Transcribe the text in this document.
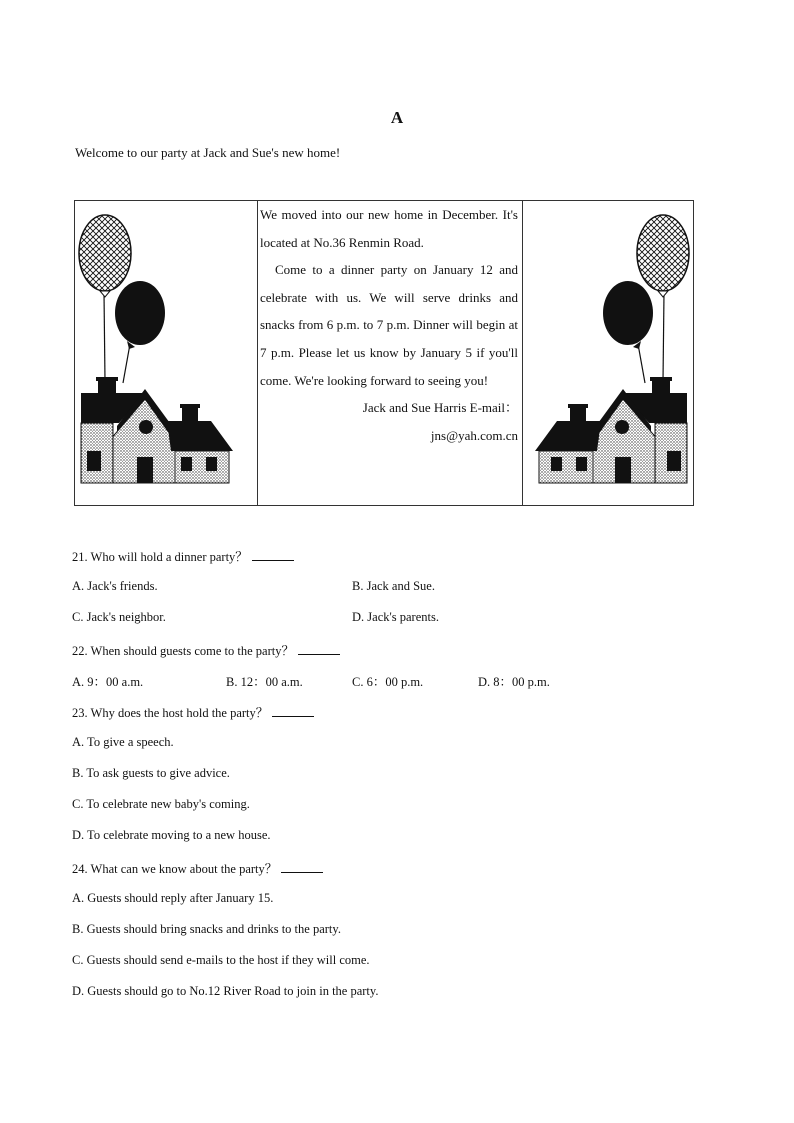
A
Welcome to our party at Jack and Sue's new home!

We moved into our new home in December. It's located at No.36 Renmin Road.

Come to a dinner party on January 12 and celebrate with us. We will serve drinks and snacks from 6 p.m. to 7 p.m. Dinner will begin at 7 p.m. Please let us know by January 5 if you'll come. We're looking forward to seeing you!

Jack and Sue Harris E-mail：

jns@yah.com.cn

21. Who will hold a dinner party？
A. Jack's friends.	B. Jack and Sue.
C. Jack's neighbor.	D. Jack's parents.
22. When should guests come to the party？
A. 9：00 a.m.	B. 12：00 a.m.	C. 6：00 p.m.	D. 8：00 p.m.
23. Why does the host hold the party？
A. To give a speech.
B. To ask guests to give advice.
C. To celebrate new baby's coming.
D. To celebrate moving to a new house.
24. What can we know about the party？
A. Guests should reply after January 15.
B. Guests should bring snacks and drinks to the party.
C. Guests should send e-mails to the host if they will come.
D. Guests should go to No.12 River Road to join in the party.
